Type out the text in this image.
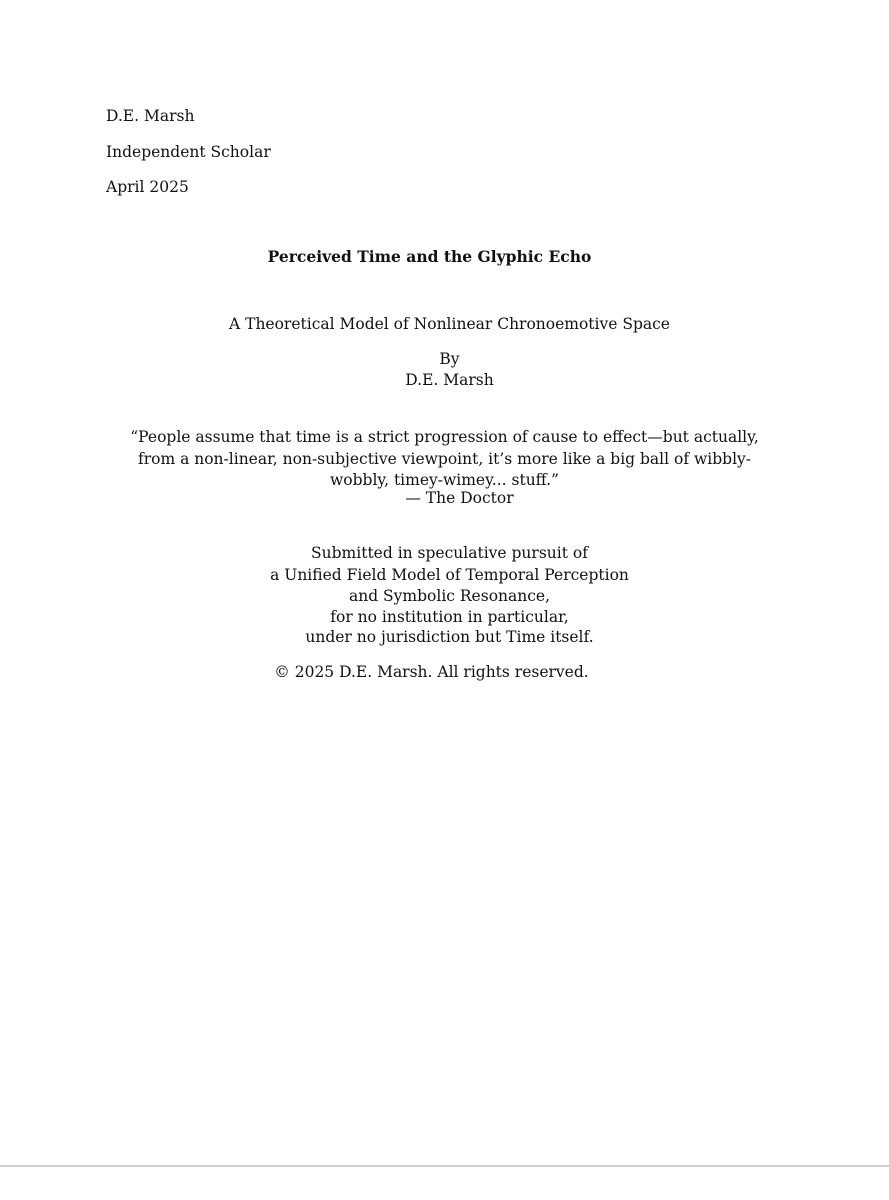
D.E. Marsh
Independent Scholar
April 2025
Perceived Time and the Glyphic Echo
A Theoretical Model of Nonlinear Chronoemotive Space
By
D.E. Marsh
“People assume that time is a strict progression of cause to effect—but actually,
from a non-linear, non-subjective viewpoint, it’s more like a big ball of wibbly-
wobbly, timey-wimey... stuff.”
— The Doctor
Submitted in speculative pursuit of
a Unified Field Model of Temporal Perception
and Symbolic Resonance,
for no institution in particular,
under no jurisdiction but Time itself.
© 2025 D.E. Marsh. All rights reserved.
